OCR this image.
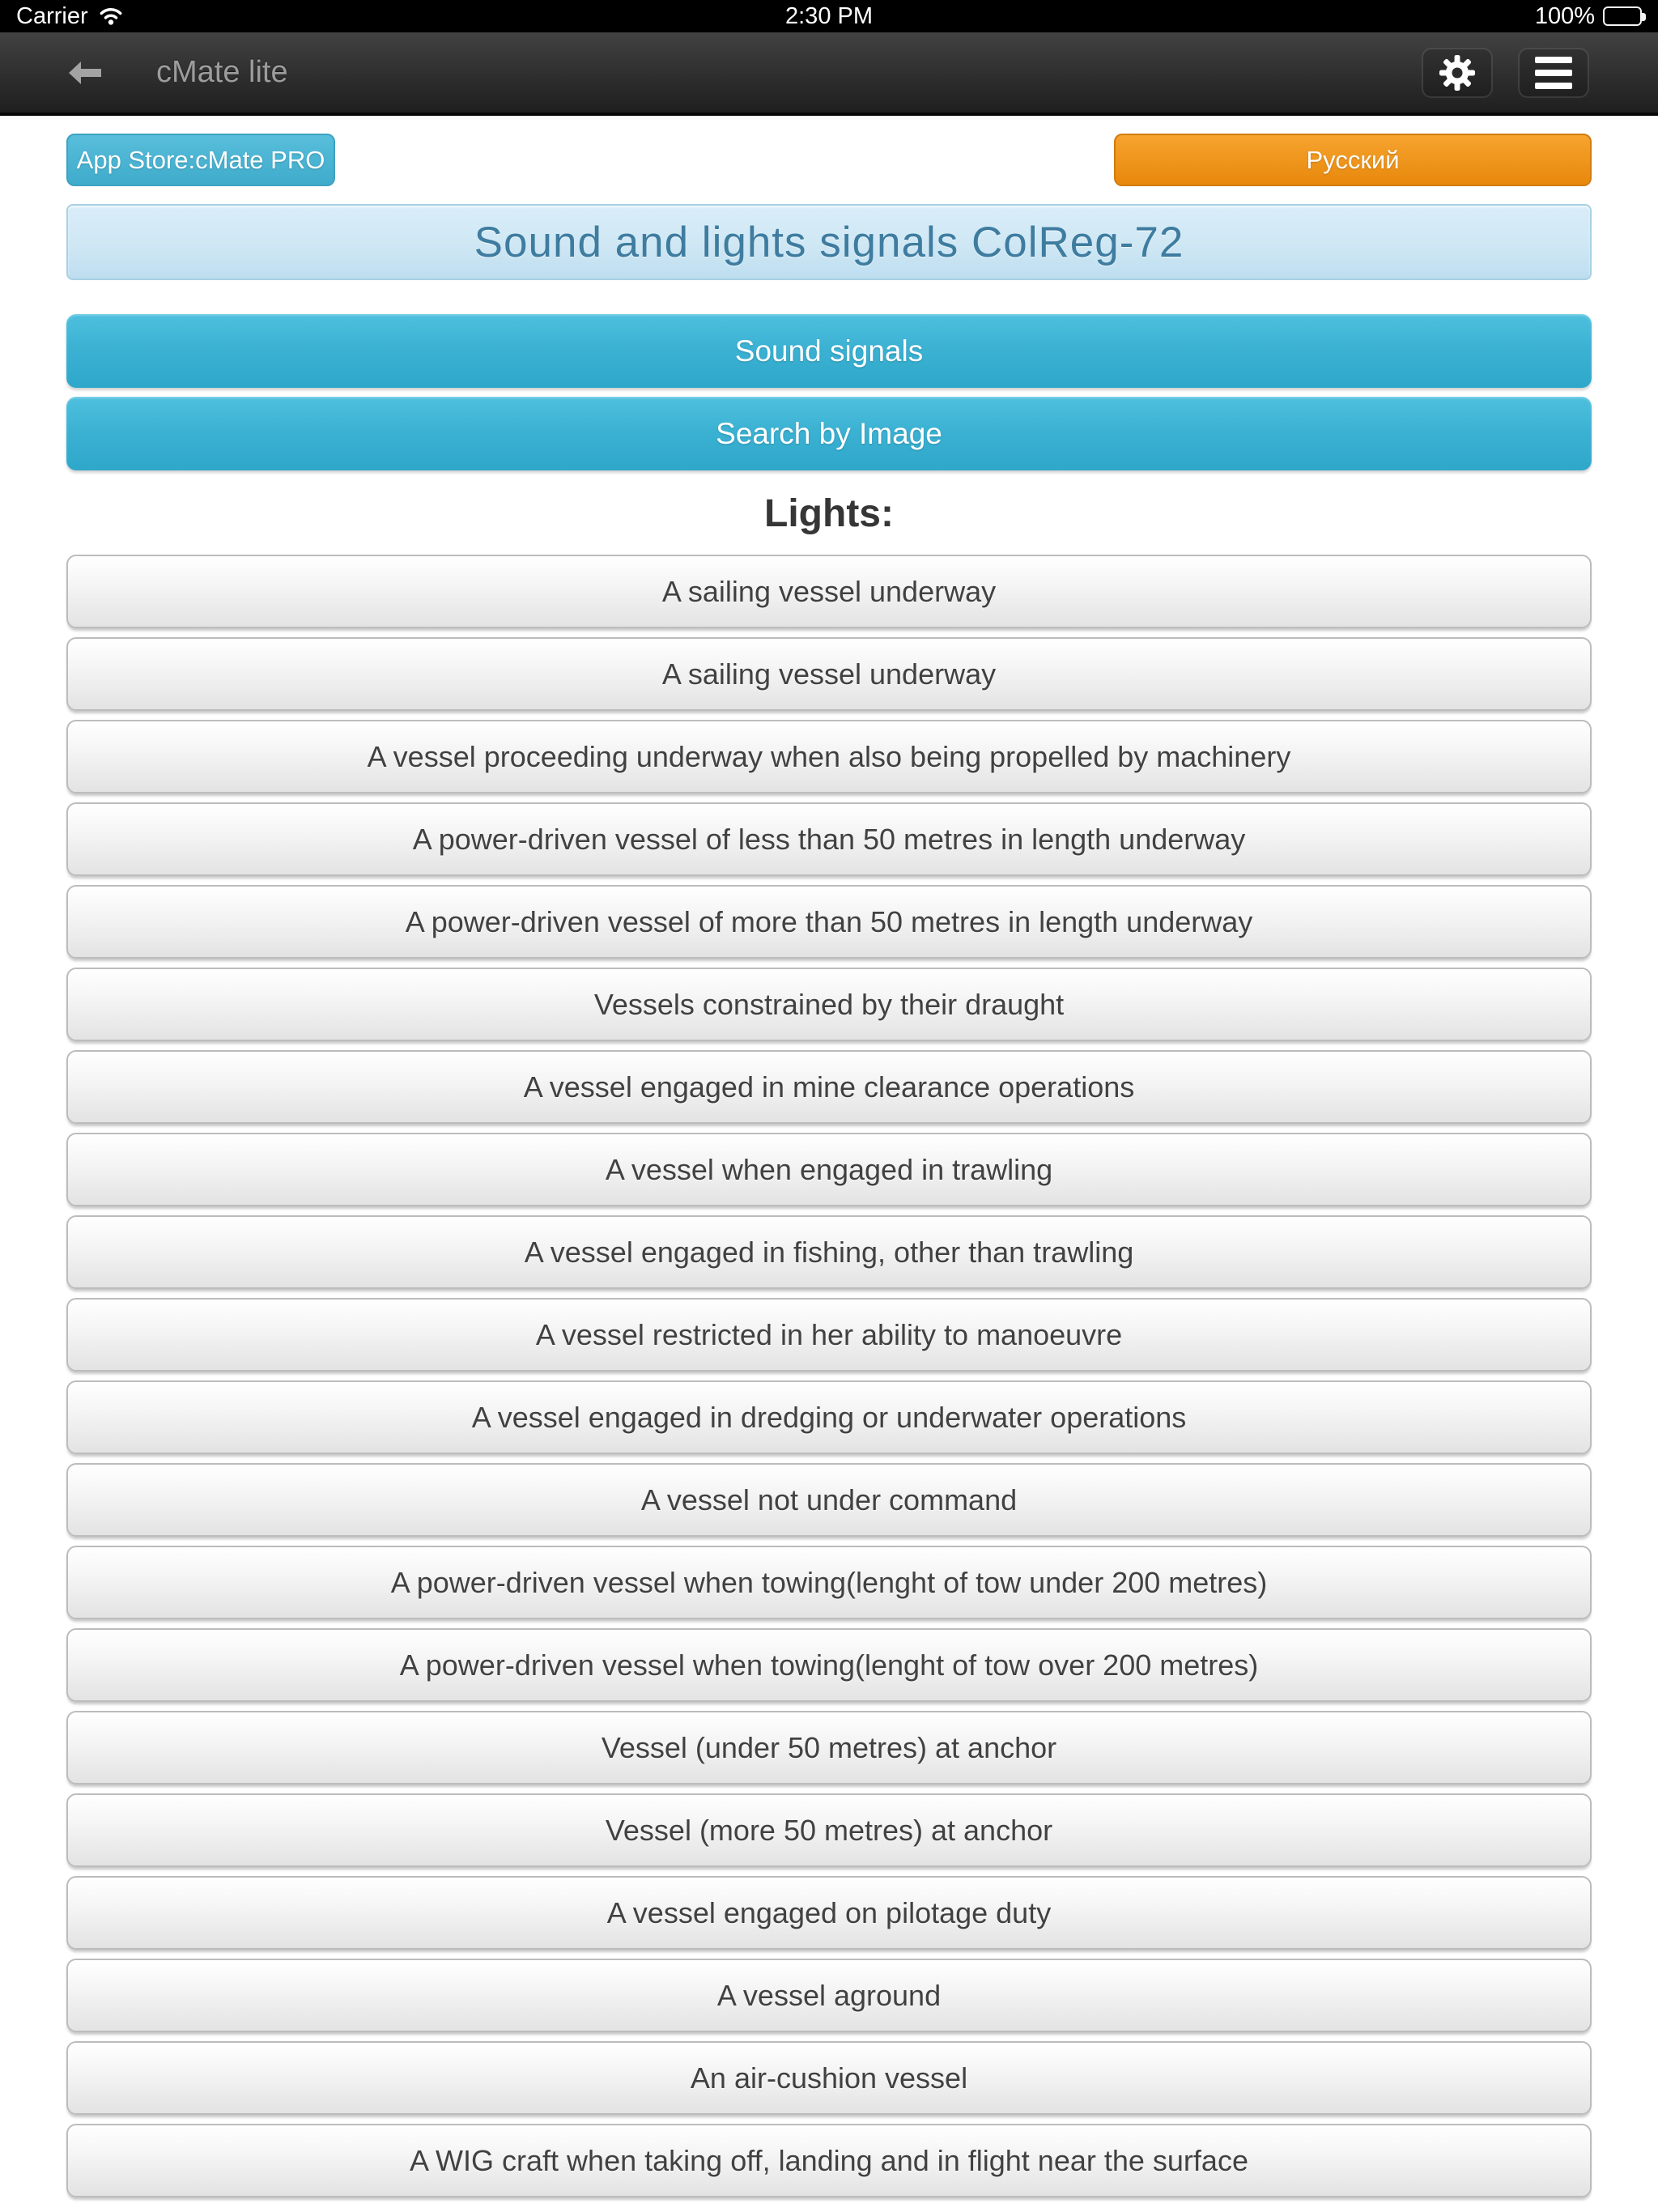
Carrier	2:30 PM	100%
cMate lite
App Store:cMate PRO	Русский
Sound and lights signals ColReg-72
Sound signals
Search by Image
Lights:
A sailing vessel underway
A sailing vessel underway
A vessel proceeding underway when also being propelled by machinery
A power-driven vessel of less than 50 metres in length underway
A power-driven vessel of more than 50 metres in length underway
Vessels constrained by their draught
A vessel engaged in mine clearance operations
A vessel when engaged in trawling
A vessel engaged in fishing, other than trawling
A vessel restricted in her ability to manoeuvre
A vessel engaged in dredging or underwater operations
A vessel not under command
A power-driven vessel when towing(lenght of tow under 200 metres)
A power-driven vessel when towing(lenght of tow over 200 metres)
Vessel (under 50 metres) at anchor
Vessel (more 50 metres) at anchor
A vessel engaged on pilotage duty
A vessel aground
An air-cushion vessel
A WIG craft when taking off, landing and in flight near the surface
